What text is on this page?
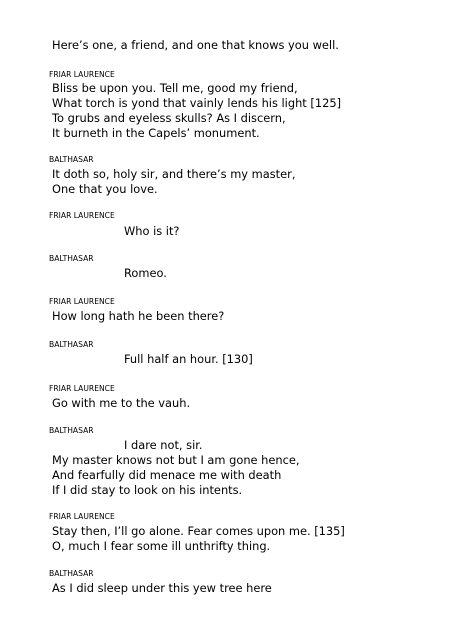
Here’s one, a friend, and one that knows you well.
FRIAR LAURENCE
Bliss be upon you. Tell me, good my friend,
What torch is yond that vainly lends his light [125]
To grubs and eyeless skulls? As I discern,
It burneth in the Capels’ monument.
BALTHASAR
It doth so, holy sir, and there’s my master,
One that you love.
FRIAR LAURENCE
Who is it?
BALTHASAR
Romeo.
FRIAR LAURENCE
How long hath he been there?
BALTHASAR
Full half an hour. [130]
FRIAR LAURENCE
Go with me to the vauh.
BALTHASAR
I dare not, sir.
My master knows not but I am gone hence,
And fearfully did menace me with death
If I did stay to look on his intents.
FRIAR LAURENCE
Stay then, I’ll go alone. Fear comes upon me. [135]
O, much I fear some ill unthrifty thing.
BALTHASAR
As I did sleep under this yew tree here
